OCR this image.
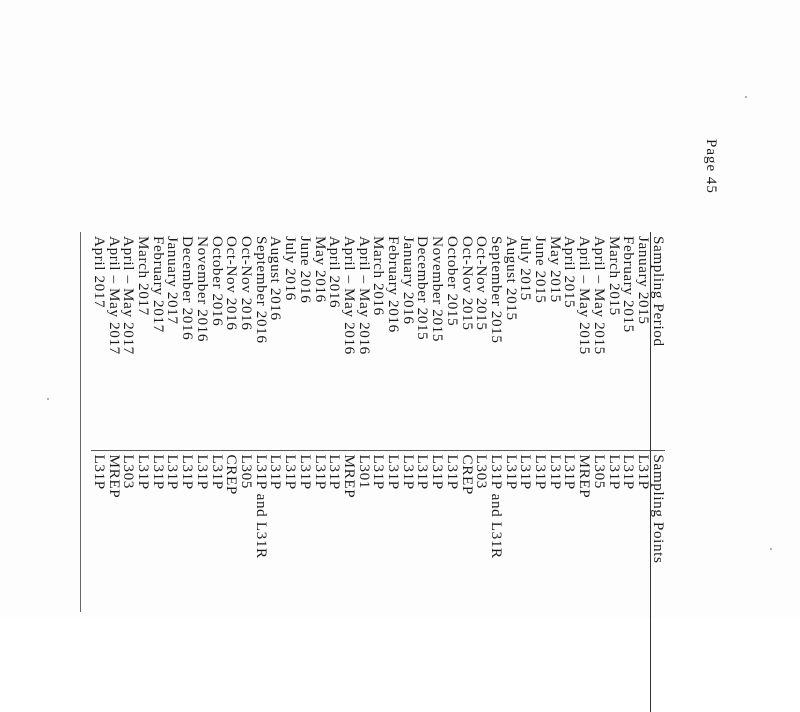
Page 45
Sampling Period	Sampling Points
January 2015	L31P
February 2015	L31P
March 2015	L31P
April – May 2015	L305
April – May 2015	MREP
April 2015	L31P
May 2015	L31P
June 2015	L31P
July 2015	L31P
August 2015	L31P
September 2015	L31P and L31R
Oct-Nov 2015	L303
Oct-Nov 2015	CREP
October 2015	L31P
November 2015	L31P
December 2015	L31P
January 2016	L31P
February 2016	L31P
March 2016	L31P
April – May 2016	L301
April – May 2016	MREP
April 2016	L31P
May 2016	L31P
June 2016	L31P
July 2016	L31P
August 2016	L31P
September 2016	L31P and L31R
Oct-Nov 2016	L305
Oct-Nov 2016	CREP
October 2016	L31P
November 2016	L31P
December 2016	L31P
January 2017	L31P
February 2017	L31P
March 2017	L31P
April – May 2017	L303
April – May 2017	MREP
April 2017	L31P
